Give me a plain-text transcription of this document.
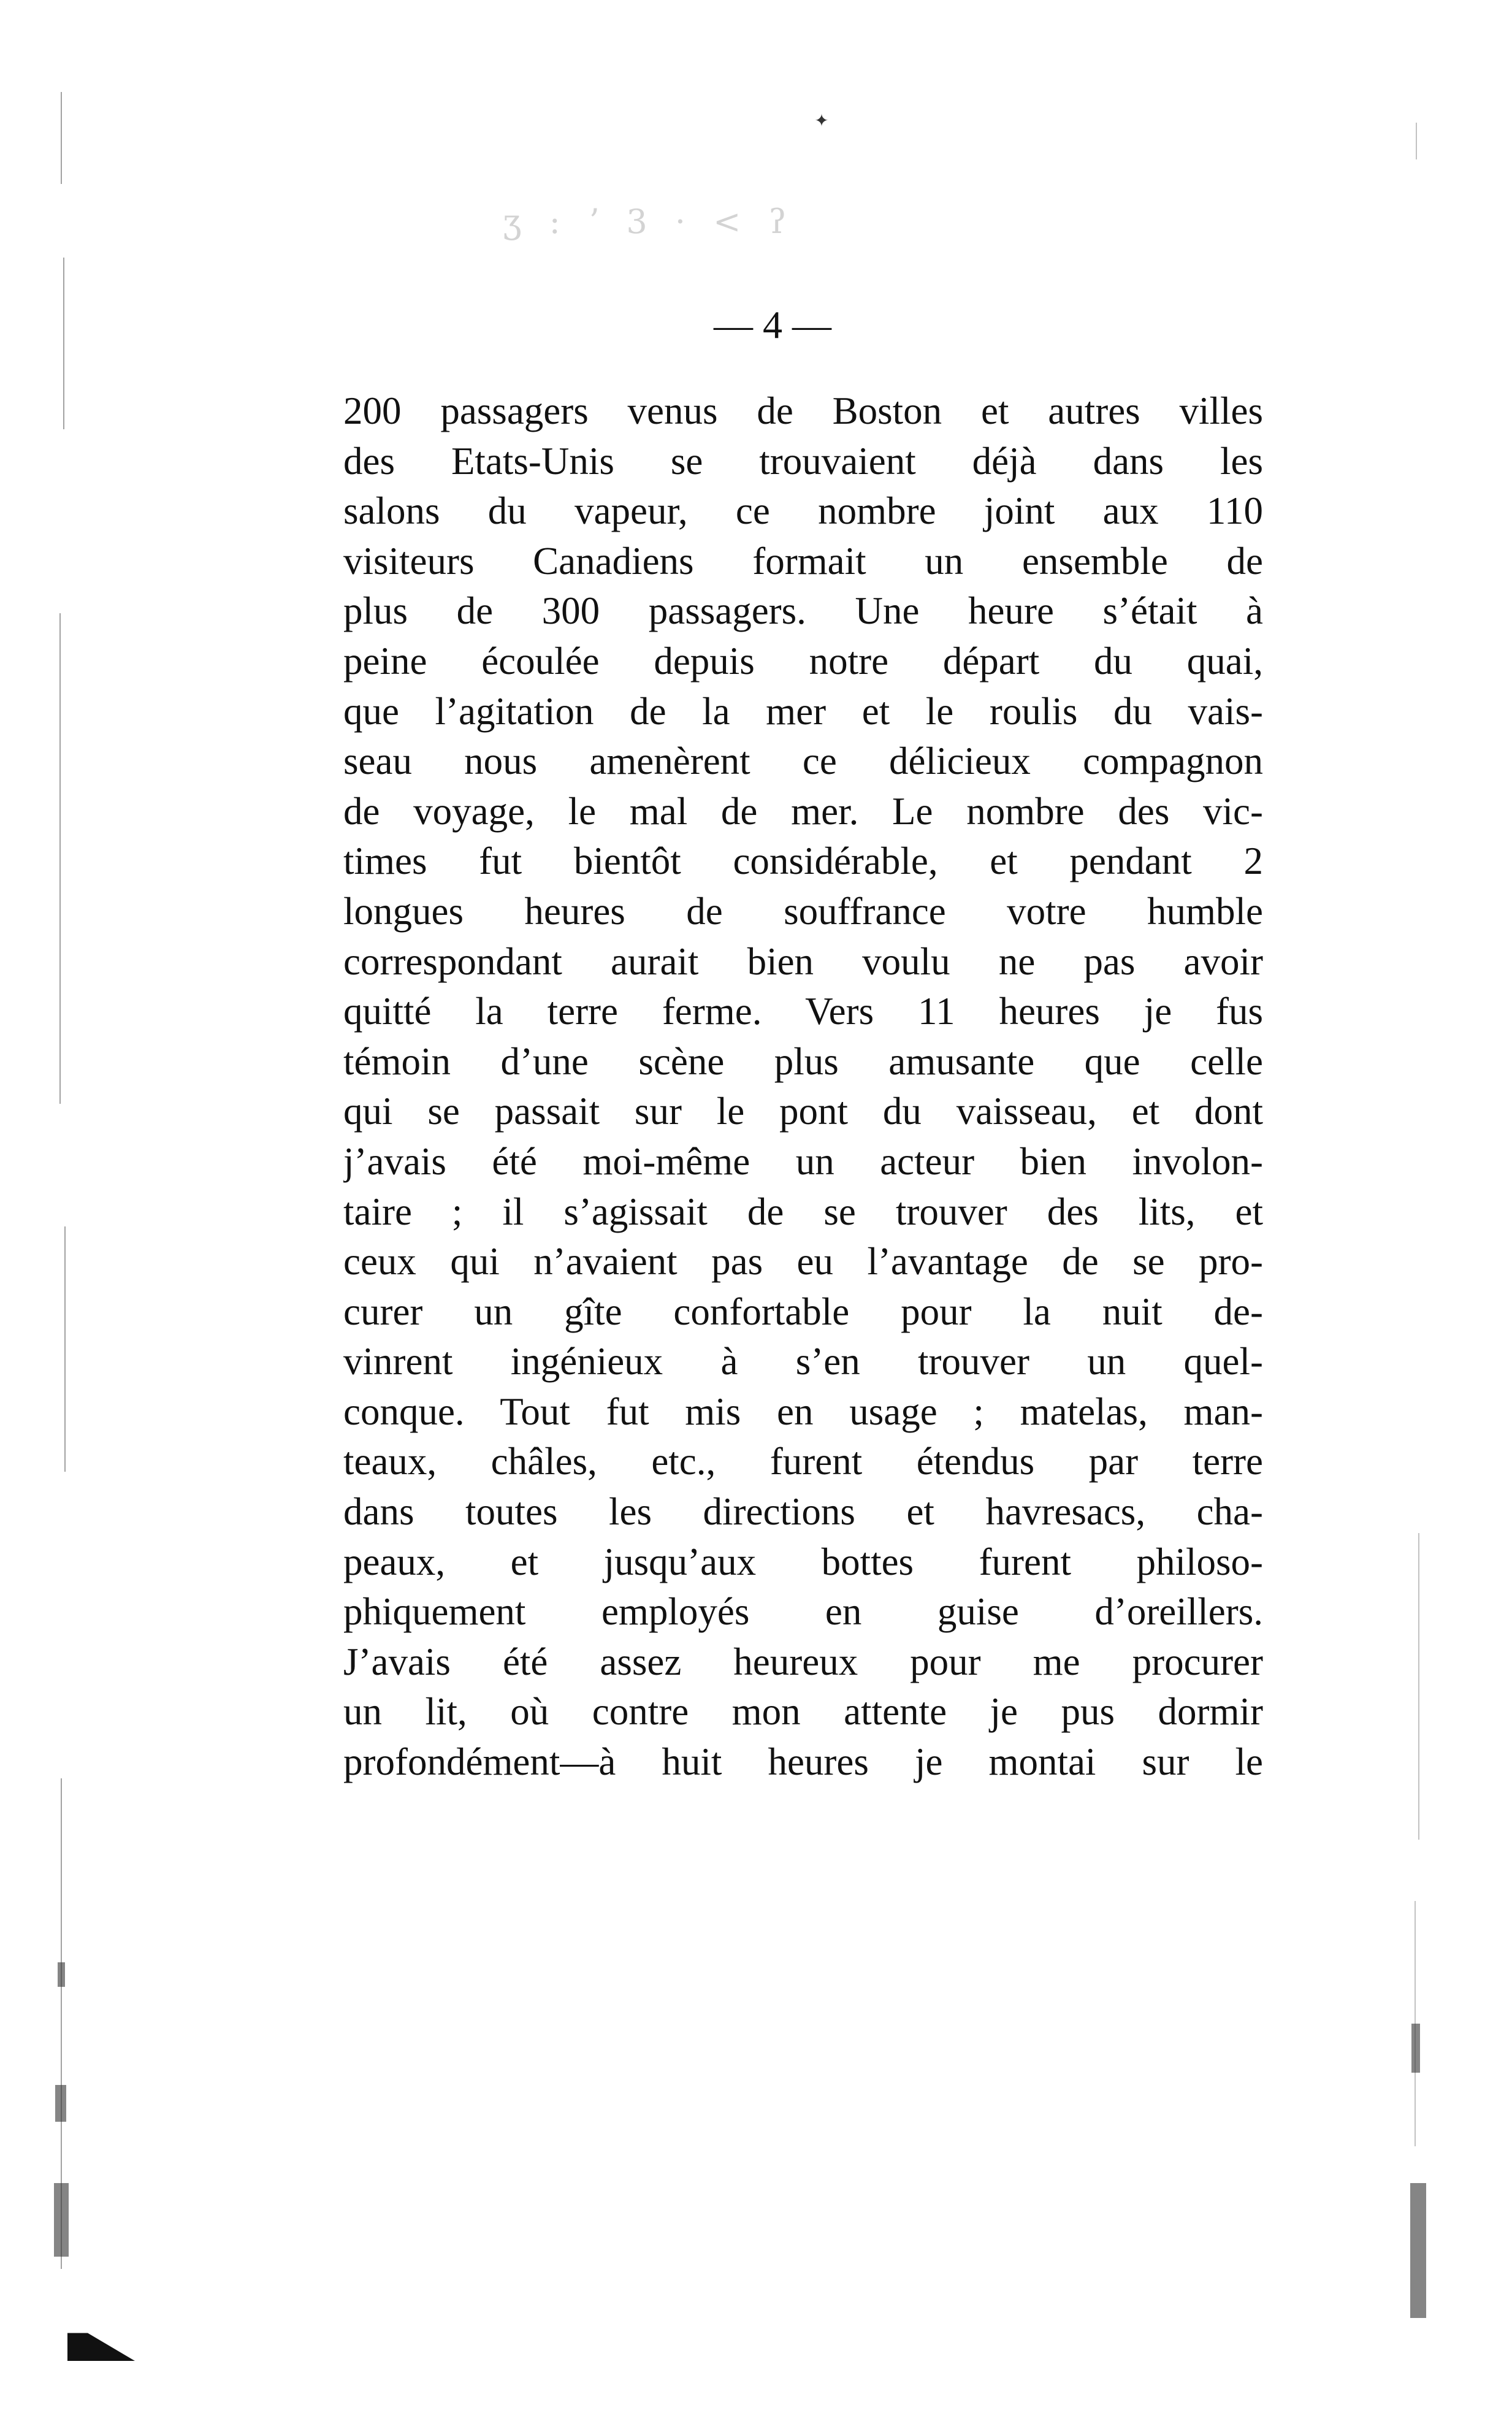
✦
ʒ : ʼ 3 · < ʔ
— 4 —
200 passagers venus de Boston et autres villes
des Etats-Unis se trouvaient déjà dans les
salons du vapeur, ce nombre joint aux 110
visiteurs Canadiens formait un ensemble de
plus de 300 passagers. Une heure s’était à
peine écoulée depuis notre départ du quai,
que l’agitation de la mer et le roulis du vais-
seau nous amenèrent ce délicieux compagnon
de voyage, le mal de mer. Le nombre des vic-
times fut bientôt considérable, et pendant 2
longues heures de souffrance votre humble
correspondant aurait bien voulu ne pas avoir
quitté la terre ferme. Vers 11 heures je fus
témoin d’une scène plus amusante que celle
qui se passait sur le pont du vaisseau, et dont
j’avais été moi-même un acteur bien involon-
taire ; il s’agissait de se trouver des lits, et
ceux qui n’avaient pas eu l’avantage de se pro-
curer un gîte confortable pour la nuit de-
vinrent ingénieux à s’en trouver un quel-
conque. Tout fut mis en usage ; matelas, man-
teaux, châles, etc., furent étendus par terre
dans toutes les directions et havresacs, cha-
peaux, et jusqu’aux bottes furent philoso-
phiquement employés en guise d’oreillers.
J’avais été assez heureux pour me procurer
un lit, où contre mon attente je pus dormir
profondément—à huit heures je montai sur le
